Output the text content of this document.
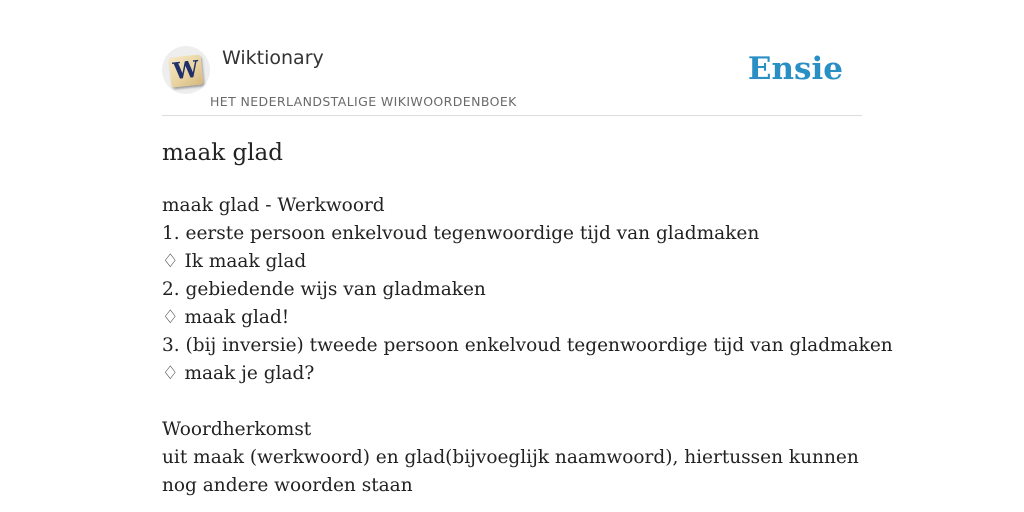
W Wiktionary
HET NEDERLANDSTALIGE WIKIWOORDENBOEK
Ensie
maak glad
maak glad - Werkwoord
1. eerste persoon enkelvoud tegenwoordige tijd van gladmaken
♢ Ik maak glad
2. gebiedende wijs van gladmaken
♢ maak glad!
3. (bij inversie) tweede persoon enkelvoud tegenwoordige tijd van gladmaken
♢ maak je glad?
Woordherkomst
uit maak (werkwoord) en glad(bijvoeglijk naamwoord), hiertussen kunnen nog andere woorden staan
